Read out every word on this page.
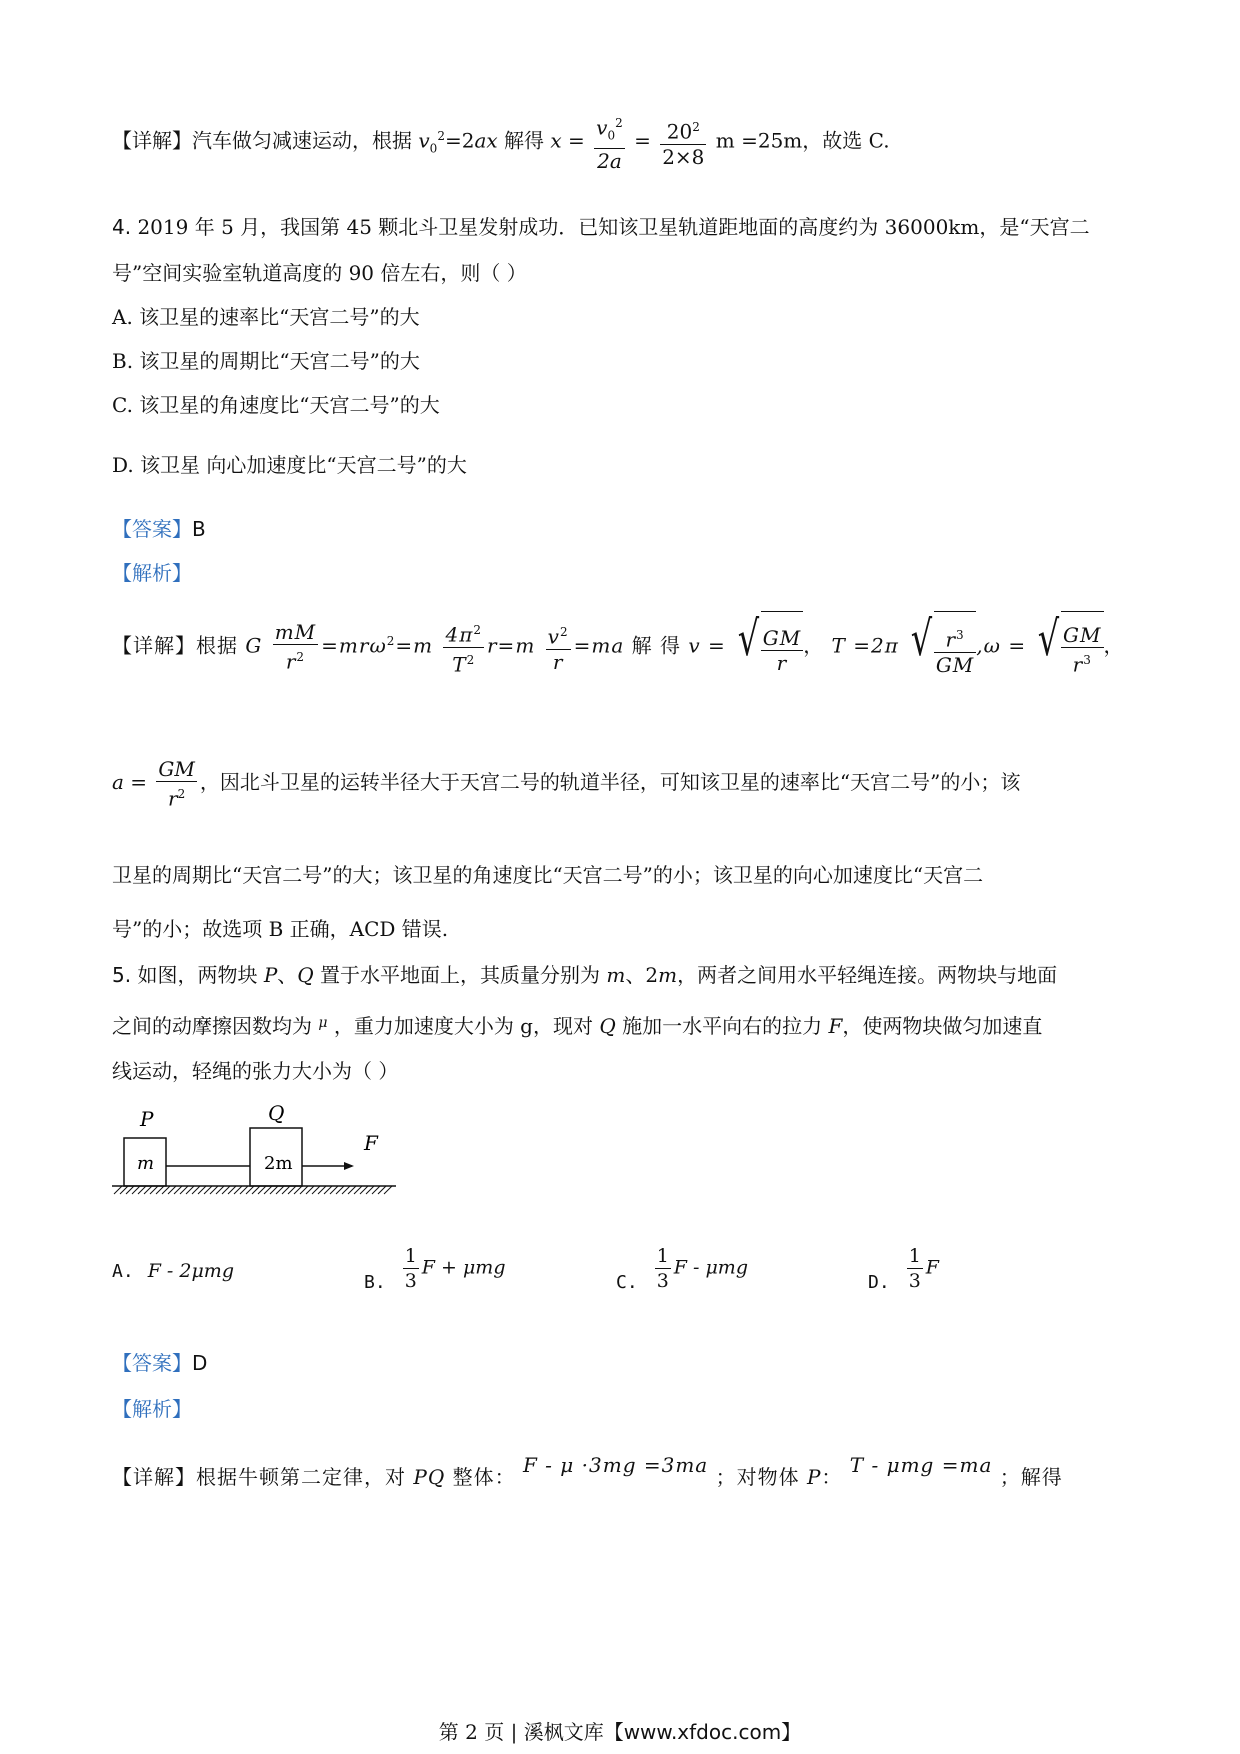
【详解】汽车做匀减速运动，根据 $v_0^2=2ax$ 解得 $x = \frac{v_0^2}{2a} = \frac{20^2}{2\times 8}$ m =25m，故选 C.
4. 2019 年 5 月，我国第 45 颗北斗卫星发射成功．已知该卫星轨道距地面的高度约为 36000km，是“天宫二
号”空间实验室轨道高度的 90 倍左右，则（ ）
A. 该卫星的速率比“天宫二号”的大
B. 该卫星的周期比“天宫二号”的大
C. 该卫星的角速度比“天宫二号”的大
D. 该卫星 向心加速度比“天宫二号”的大
【答案】B
【解析】
【详解】根据 G $\frac{mM}{r^2} =mr\omega^2=m \frac{4\pi^2}{T^2} r=m \frac{v^2}{r} =ma$ 解 得 v = √ $\frac{GM}{r}$ ， T =2π √ $\frac{r^3}{GM} ,\omega$ = √ $\frac{GM}{r^3}$ ，
$a = \frac{GM}{r^2}$ ，因北斗卫星的运转半径大于天宫二号的轨道半径，可知该卫星的速率比“天宫二号”的小；该
卫星的周期比“天宫二号”的大；该卫星的角速度比“天宫二号”的小；该卫星的向心加速度比“天宫二
号”的小；故选项 B 正确，ACD 错误.
5. 如图，两物块 P、Q 置于水平地面上，其质量分别为 m、2m，两者之间用水平轻绳连接。两物块与地面
之间的动摩擦因数均为 $^\mu$ ，重力加速度大小为 g，现对 Q 施加一水平向右的拉力 F，使两物块做匀加速直
线运动，轻绳的张力大小为（ ）
P	Q
m	2m
F
A. F - 2μmg	B. $\frac{1}{3}$ F + μmg
C. $\frac{1}{3}$ F - μmg
D. $\frac{1}{3}$ F
【答案】D
【解析】
【详解】根据牛顿第二定律，对 PQ 整体： F - μ ·3mg =3ma ；对物体 P： T - μmg =ma ；解得
第 2 页 | 溪枫文库【www.xfdoc.com】
